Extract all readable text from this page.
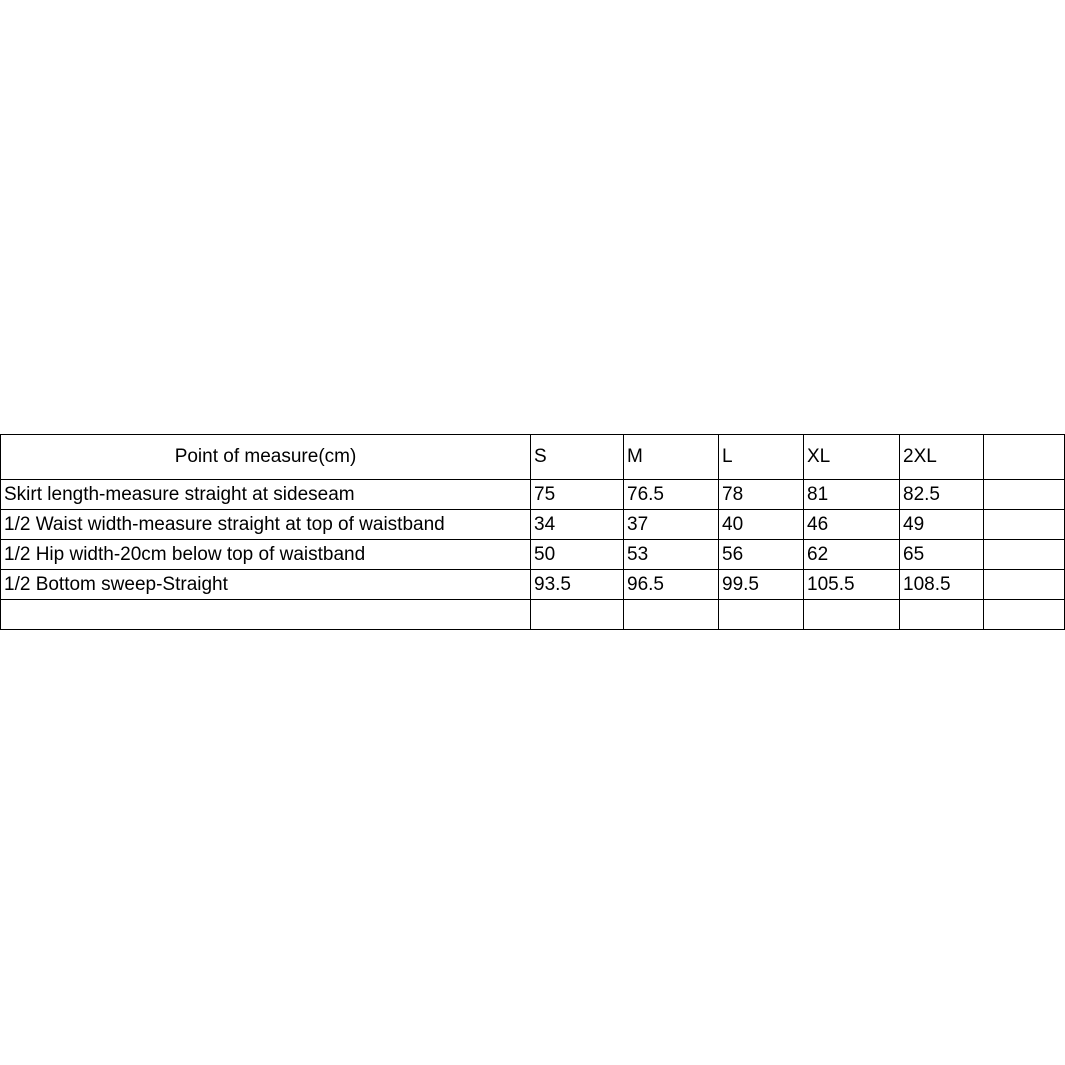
Point of measure(cm)	S	M	L	XL	2XL	
Skirt length-measure straight at sideseam	75	76.5	78	81	82.5	
1/2 Waist width-measure straight at top of waistband	34	37	40	46	49	
1/2 Hip width-20cm below top of waistband	50	53	56	62	65	
1/2 Bottom sweep-Straight	93.5	96.5	99.5	105.5	108.5	
